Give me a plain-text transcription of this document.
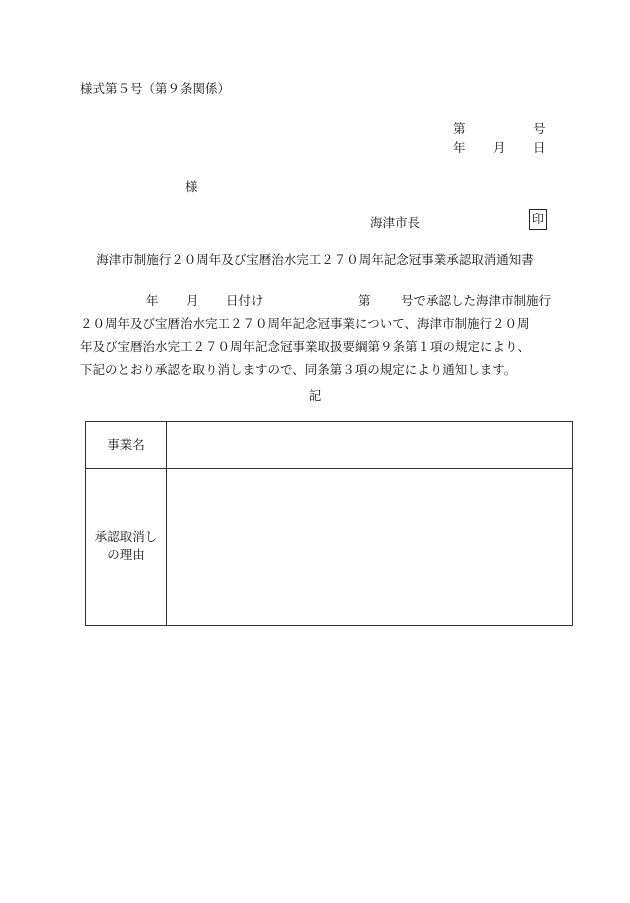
様式第５号（第９条関係）
第	号
年 月 日
様
海津市長	印
海津市制施行２０周年及び宝暦治水完工２７０周年記念冠事業承認取消通知書
年 月 日付け	第 号で承認した海津市制施行
２０周年及び宝暦治水完工２７０周年記念冠事業について、海津市制施行２０周
年及び宝暦治水完工２７０周年記念冠事業取扱要綱第９条第１項の規定により、
下記のとおり承認を取り消しますので、同条第３項の規定により通知します。
記
事業名
承認取消し
の理由
